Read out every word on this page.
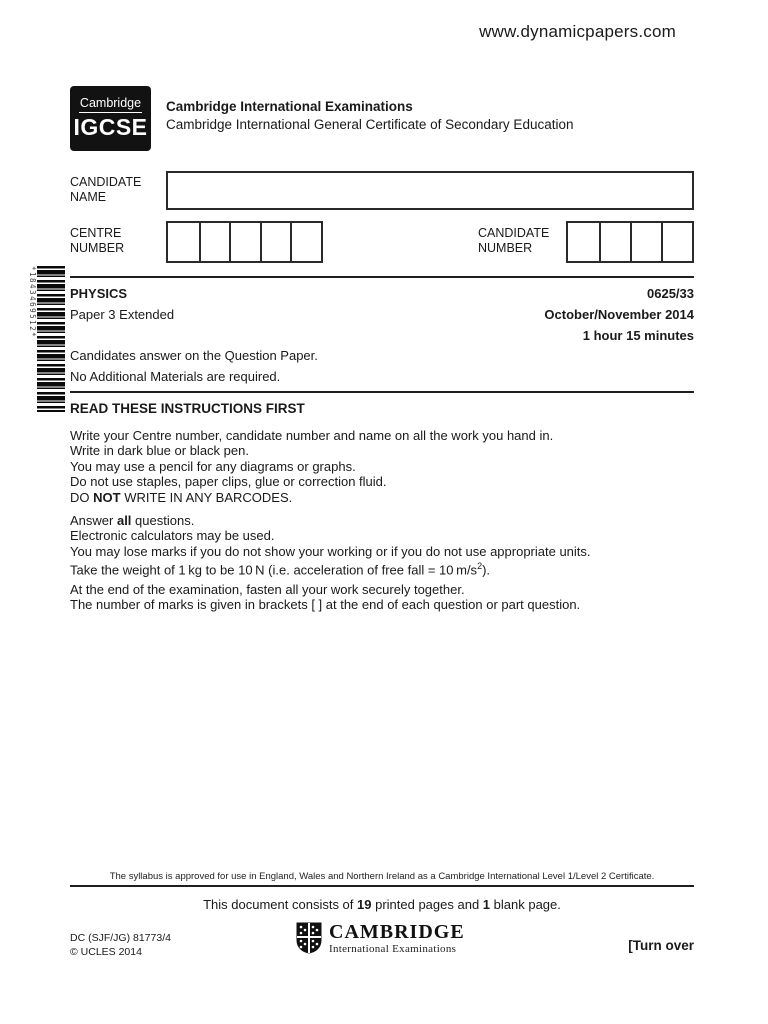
www.dynamicpapers.com
Cambridge
IGCSE
Cambridge International Examinations
Cambridge International General Certificate of Secondary Education
CANDIDATE
NAME
CENTRE
NUMBER
CANDIDATE
NUMBER
*1843469512*	PHYSICS	0625/33
Paper 3 Extended	October/November 2014
1 hour 15 minutes
Candidates answer on the Question Paper.
No Additional Materials are required.
READ THESE INSTRUCTIONS FIRST
Write your Centre number, candidate number and name on all the work you hand in.
Write in dark blue or black pen.
You may use a pencil for any diagrams or graphs.
Do not use staples, paper clips, glue or correction fluid.
DO NOT WRITE IN ANY BARCODES.
Answer all questions.
Electronic calculators may be used.
You may lose marks if you do not show your working or if you do not use appropriate units.
Take the weight of 1 kg to be 10 N (i.e. acceleration of free fall = 10 $m/s^2$).
At the end of the examination, fasten all your work securely together.
The number of marks is given in brackets [ ] at the end of each question or part question.
The syllabus is approved for use in England, Wales and Northern Ireland as a Cambridge International Level 1/Level 2 Certificate.
This document consists of 19 printed pages and 1 blank page.
DC (SJF/JG) 81773/4
© UCLES 2014
CAMBRIDGE
International Examinations	[Turn over
